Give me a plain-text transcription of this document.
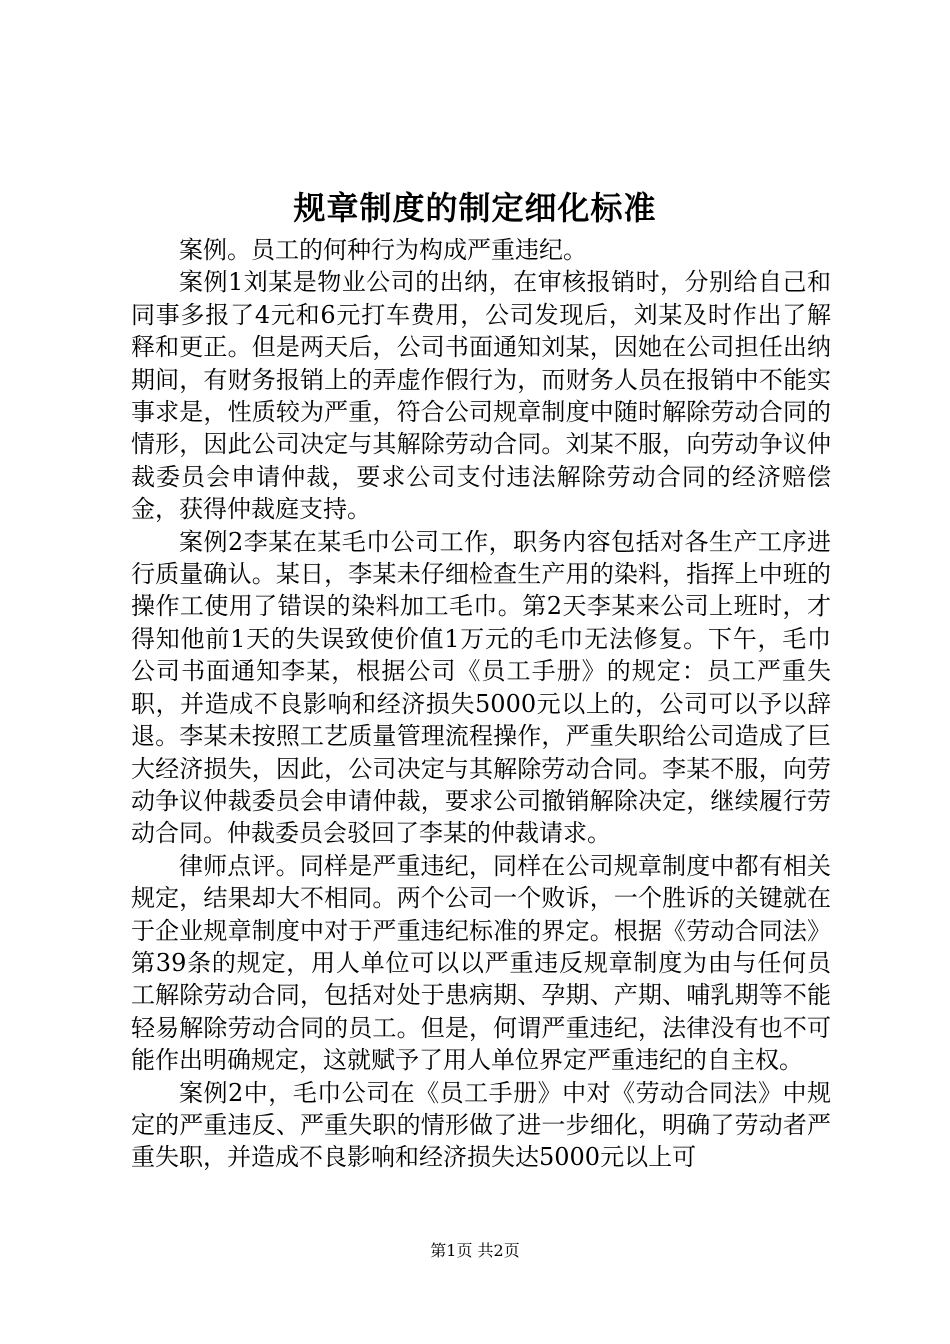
规章制度的制定细化标准

案例。员工的何种行为构成严重违纪。

案例1刘某是物业公司的出纳，在审核报销时，分别给自己和同事多报了4元和6元打车费用，公司发现后，刘某及时作出了解释和更正。但是两天后，公司书面通知刘某，因她在公司担任出纳期间，有财务报销上的弄虚作假行为，而财务人员在报销中不能实事求是，性质较为严重，符合公司规章制度中随时解除劳动合同的情形，因此公司决定与其解除劳动合同。刘某不服，向劳动争议仲裁委员会申请仲裁，要求公司支付违法解除劳动合同的经济赔偿金，获得仲裁庭支持。

案例2李某在某毛巾公司工作，职务内容包括对各生产工序进行质量确认。某日，李某未仔细检查生产用的染料，指挥上中班的操作工使用了错误的染料加工毛巾。第2天李某来公司上班时，才得知他前1天的失误致使价值1万元的毛巾无法修复。下午，毛巾公司书面通知李某，根据公司《员工手册》的规定：员工严重失职，并造成不良影响和经济损失5000元以上的，公司可以予以辞退。李某未按照工艺质量管理流程操作，严重失职给公司造成了巨大经济损失，因此，公司决定与其解除劳动合同。李某不服，向劳动争议仲裁委员会申请仲裁，要求公司撤销解除决定，继续履行劳动合同。仲裁委员会驳回了李某的仲裁请求。

律师点评。同样是严重违纪，同样在公司规章制度中都有相关规定，结果却大不相同。两个公司一个败诉，一个胜诉的关键就在于企业规章制度中对于严重违纪标准的界定。根据《劳动合同法》第39条的规定，用人单位可以以严重违反规章制度为由与任何员工解除劳动合同，包括对处于患病期、孕期、产期、哺乳期等不能轻易解除劳动合同的员工。但是，何谓严重违纪，法律没有也不可能作出明确规定，这就赋予了用人单位界定严重违纪的自主权。

案例2中，毛巾公司在《员工手册》中对《劳动合同法》中规定的严重违反、严重失职的情形做了进一步细化，明确了劳动者严重失职，并造成不良影响和经济损失达5000元以上可

第1页 共2页
